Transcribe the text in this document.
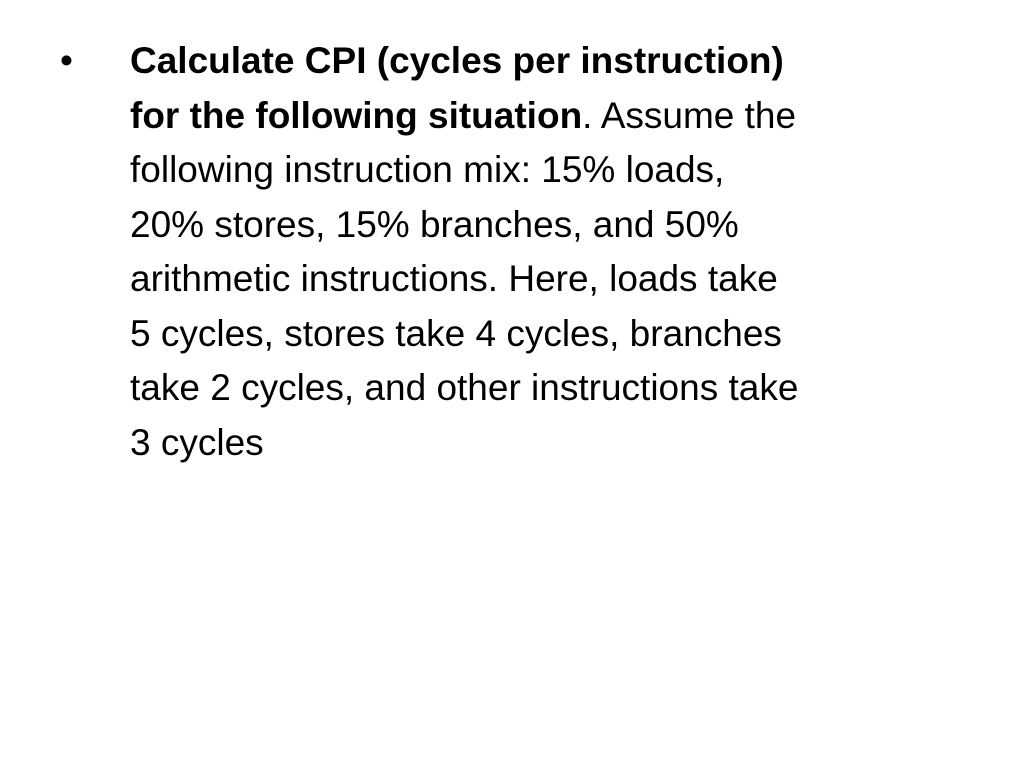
• Calculate CPI (cycles per instruction)
for the following situation. Assume the
following instruction mix: 15% loads,
20% stores, 15% branches, and 50%
arithmetic instructions. Here, loads take
5 cycles, stores take 4 cycles, branches
take 2 cycles, and other instructions take
3 cycles
